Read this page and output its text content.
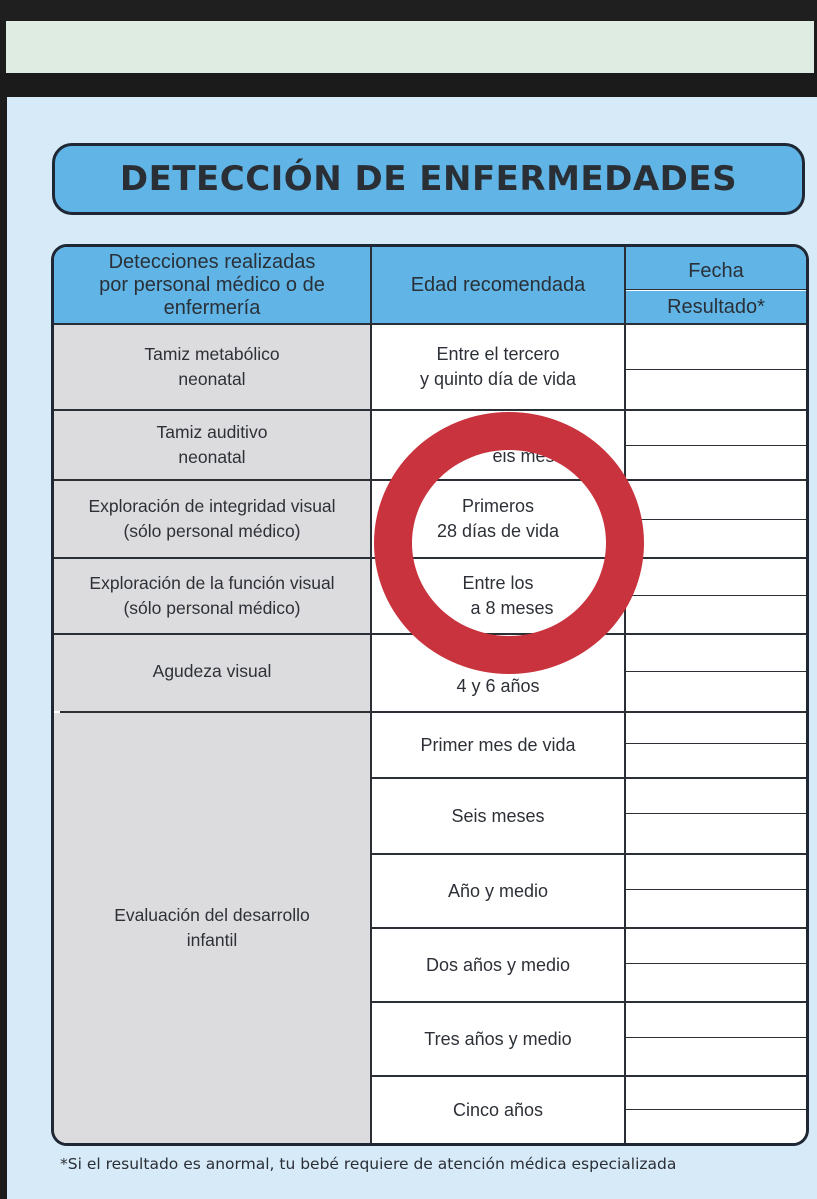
DETECCIÓN DE ENFERMEDADES
Detecciones realizadas
por personal médico o de
enfermería
Edad recomendada
Fecha
Resultado*
Tamiz metabólico
neonatal
Tamiz auditivo
neonatal
Exploración de integridad visual
(sólo personal médico)
Exploración de la función visual
(sólo personal médico)
Agudeza visual
Evaluación del desarrollo
infantil
Entre el tercero
y quinto día de vida
eis meses
Primeros
28 días de vida
Entre los
a 8 meses
4 y 6 años
Primer mes de vida
Seis meses
Año y medio
Dos años y medio
Tres años y medio
Cinco años
*Si el resultado es anormal, tu bebé requiere de atención médica especializada
